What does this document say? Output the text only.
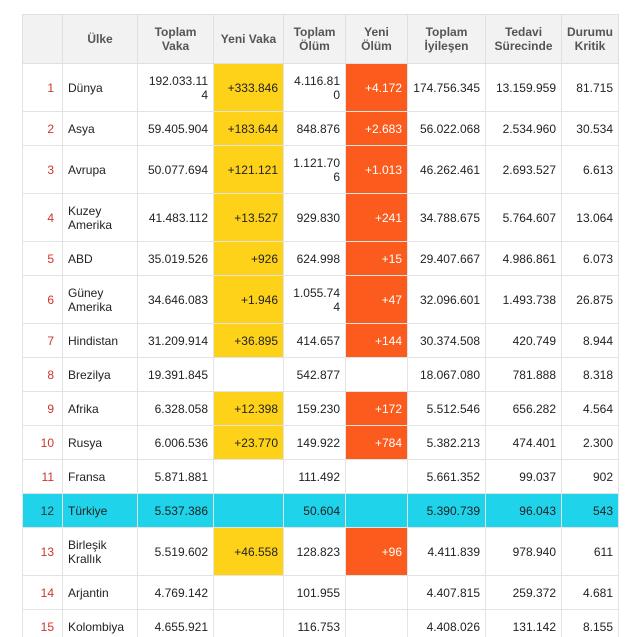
	Ülke	Toplam Vaka	Yeni Vaka	Toplam Ölüm	Yeni Ölüm	Toplam İyileşen	Tedavi Sürecinde	Durumu Kritik
1	Dünya	192.033.114	+333.846	4.116.810	+4.172	174.756.345	13.159.959	81.715
2	Asya	59.405.904	+183.644	848.876	+2.683	56.022.068	2.534.960	30.534
3	Avrupa	50.077.694	+121.121	1.121.706	+1.013	46.262.461	2.693.527	6.613
4	Kuzey Amerika	41.483.112	+13.527	929.830	+241	34.788.675	5.764.607	13.064
5	ABD	35.019.526	+926	624.998	+15	29.407.667	4.986.861	6.073
6	Güney Amerika	34.646.083	+1.946	1.055.744	+47	32.096.601	1.493.738	26.875
7	Hindistan	31.209.914	+36.895	414.657	+144	30.374.508	420.749	8.944
8	Brezilya	19.391.845		542.877		18.067.080	781.888	8.318
9	Afrika	6.328.058	+12.398	159.230	+172	5.512.546	656.282	4.564
10	Rusya	6.006.536	+23.770	149.922	+784	5.382.213	474.401	2.300
11	Fransa	5.871.881		111.492		5.661.352	99.037	902
12	Türkiye	5.537.386		50.604		5.390.739	96.043	543
13	Birleşik Krallık	5.519.602	+46.558	128.823	+96	4.411.839	978.940	611
14	Arjantin	4.769.142		101.955		4.407.815	259.372	4.681
15	Kolombiya	4.655.921		116.753		4.408.026	131.142	8.155
